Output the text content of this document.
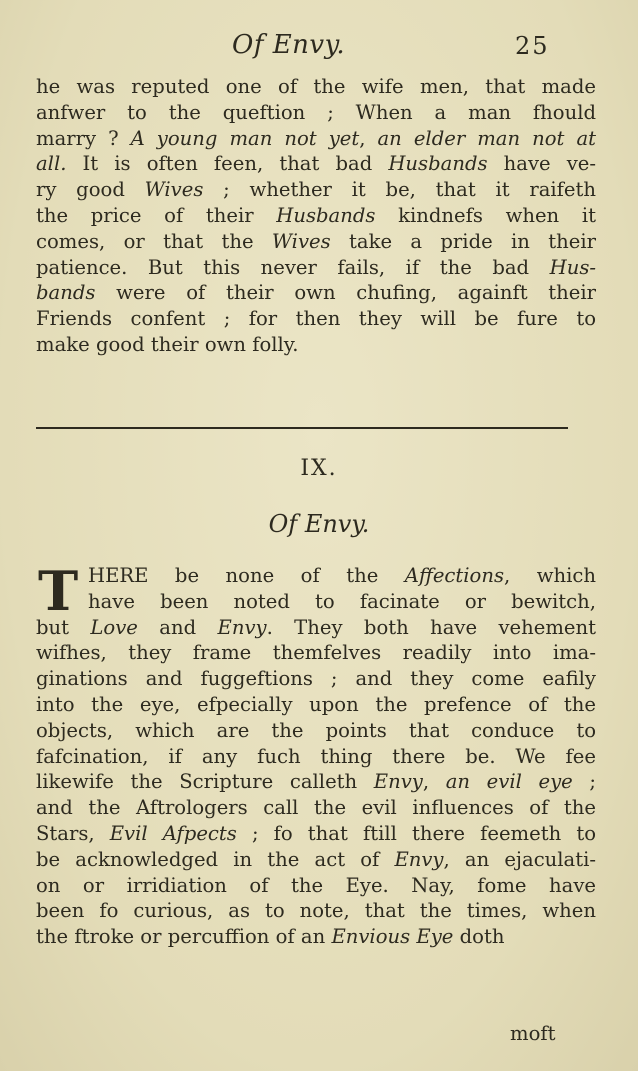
Of Envy.	25
he was reputed one of the wife men, that made
anfwer to the queftion ; When a man fhould
marry ? A young man not yet, an elder man not at
all. It is often feen, that bad Husbands have ve-
ry good Wives ; whether it be, that it raifeth
the price of their Husbands kindnefs when it
comes, or that the Wives take a pride in their
patience. But this never fails, if the bad Hus-
bands were of their own chufing, againft their
Friends confent ; for then they will be fure to
make good their own folly.
IX.
Of Envy.
T HERE be none of the Affections, which
have been noted to facinate or bewitch,
but Love and Envy. They both have vehement
wifhes, they frame themfelves readily into ima-
ginations and fuggeftions ; and they come eafily
into the eye, efpecially upon the prefence of the
objects, which are the points that conduce to
fafcination, if any fuch thing there be. We fee
likewife the Scripture calleth Envy, an evil eye ;
and the Aftrologers call the evil influences of the
Stars, Evil Afpects ; fo that ftill there feemeth to
be acknowledged in the act of Envy, an ejaculati-
on or irridiation of the Eye. Nay, fome have
been fo curious, as to note, that the times, when
the ftroke or percuffion of an Envious Eye doth
moft
